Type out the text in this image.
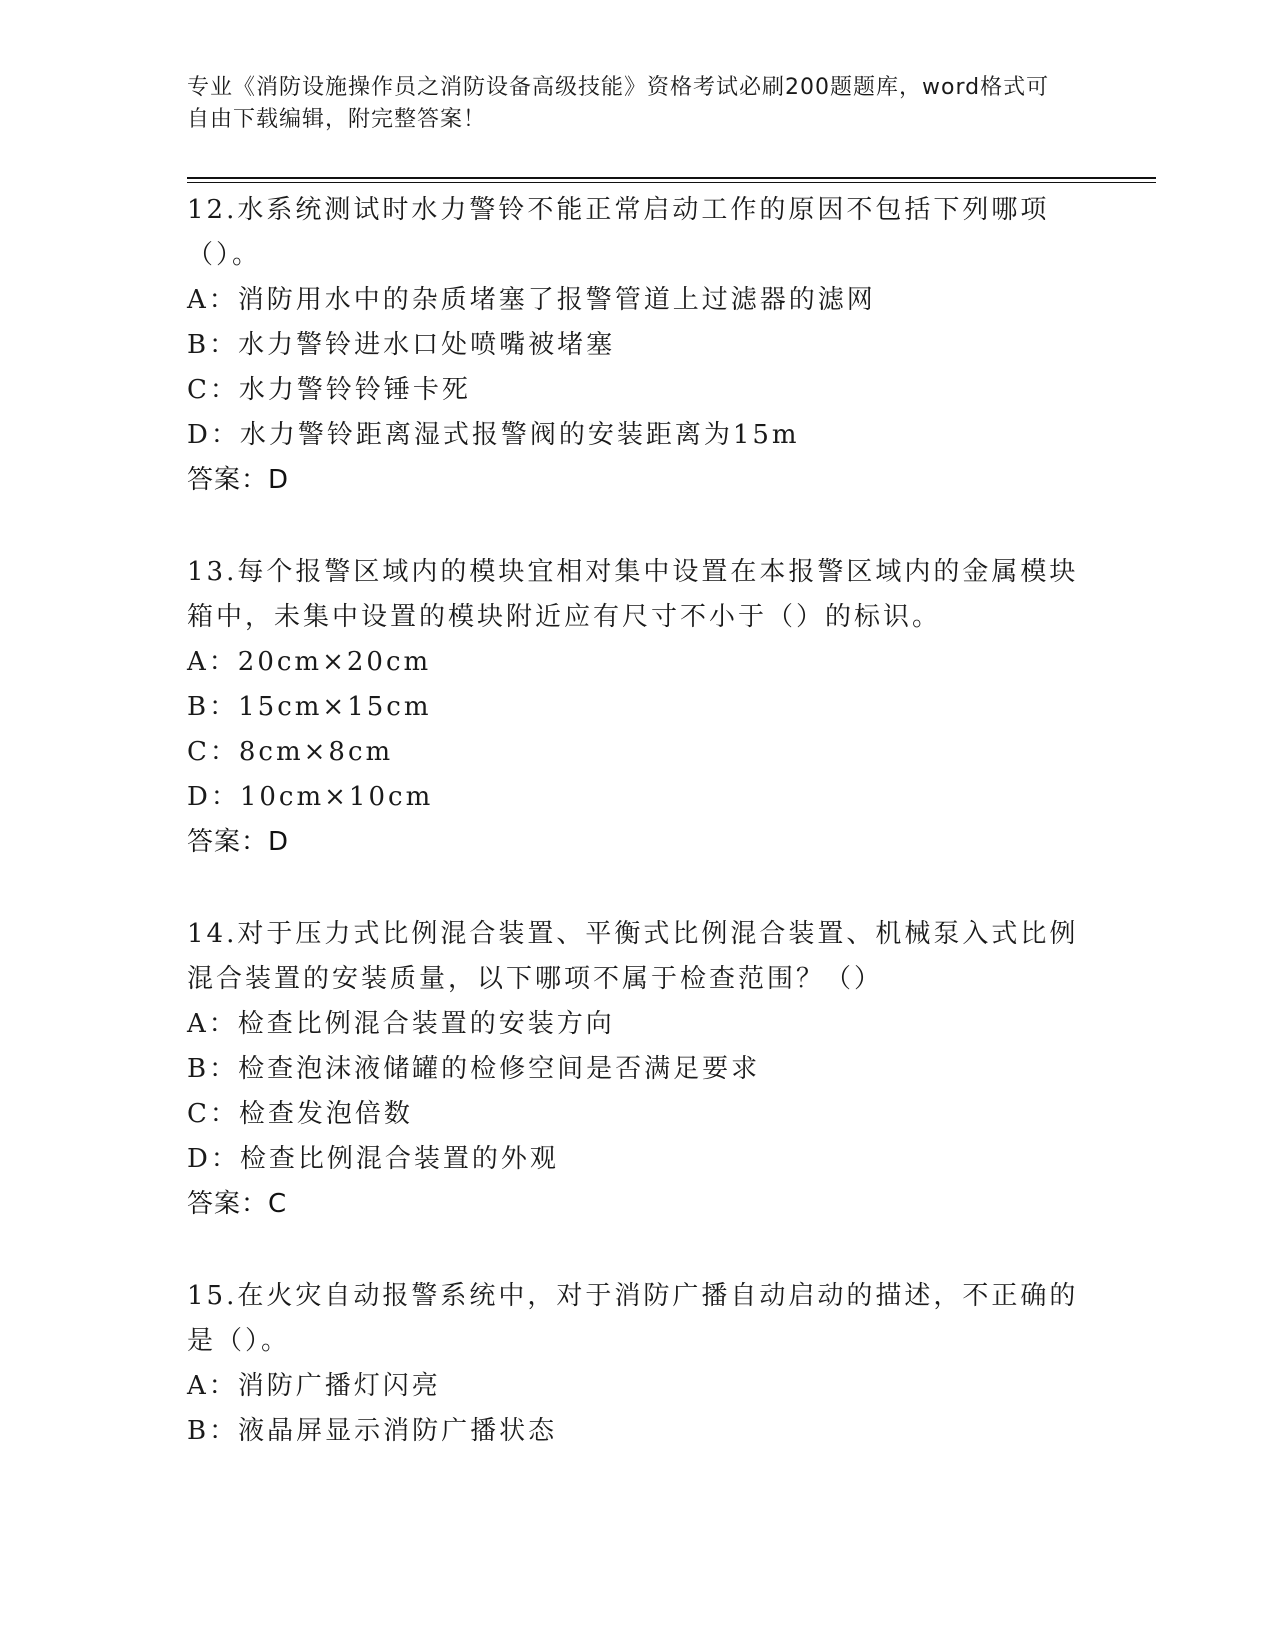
专业《消防设施操作员之消防设备高级技能》资格考试必刷200题题库，word格式可自由下载编辑，附完整答案！
12.水系统测试时水力警铃不能正常启动工作的原因不包括下列哪项（）。
A：消防用水中的杂质堵塞了报警管道上过滤器的滤网
B：水力警铃进水口处喷嘴被堵塞
C：水力警铃铃锤卡死
D：水力警铃距离湿式报警阀的安装距离为15m
答案：D
13.每个报警区域内的模块宜相对集中设置在本报警区域内的金属模块箱中，未集中设置的模块附近应有尺寸不小于（）的标识。
A：20cm×20cm
B：15cm×15cm
C：8cm×8cm
D：10cm×10cm
答案：D
14.对于压力式比例混合装置、平衡式比例混合装置、机械泵入式比例混合装置的安装质量，以下哪项不属于检查范围？（）
A：检查比例混合装置的安装方向
B：检查泡沫液储罐的检修空间是否满足要求
C：检查发泡倍数
D：检查比例混合装置的外观
答案：C
15.在火灾自动报警系统中，对于消防广播自动启动的描述，不正确的是（）。
A：消防广播灯闪亮
B：液晶屏显示消防广播状态
